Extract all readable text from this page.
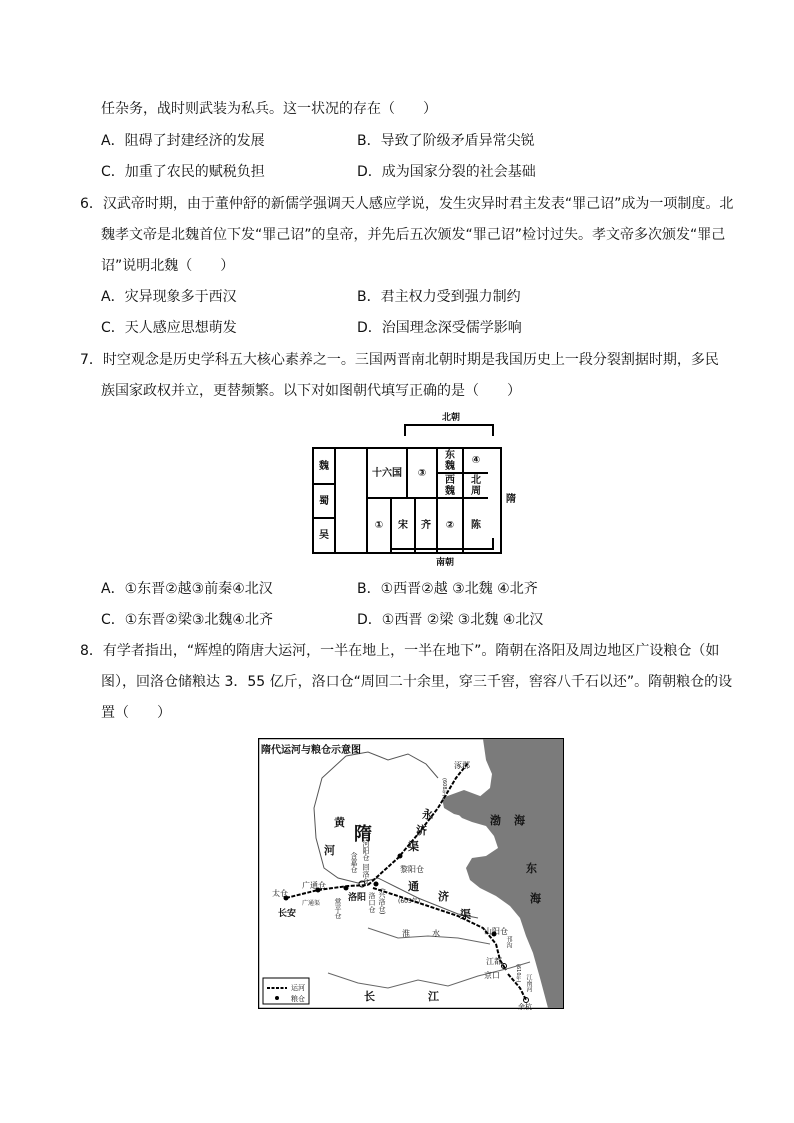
任杂务，战时则武装为私兵。这一状况的存在（　　）
A．阻碍了封建经济的发展	B．导致了阶级矛盾异常尖锐
C．加重了农民的赋税负担	D．成为国家分裂的社会基础
6．汉武帝时期，由于董仲舒的新儒学强调天人感应学说，发生灾异时君主发表“罪己诏”成为一项制度。北
魏孝文帝是北魏首位下发“罪己诏”的皇帝，并先后五次颁发“罪己诏”检讨过失。孝文帝多次颁发“罪己
诏”说明北魏（　　）
A．灾异现象多于西汉	B．君主权力受到强力制约
C．天人感应思想萌发	D．治国理念深受儒学影响
7．时空观念是历史学科五大核心素养之一。三国两晋南北朝时期是我国历史上一段分裂割据时期，多民
族国家政权并立，更替频繁。以下对如图朝代填写正确的是（　　）
北朝
魏
蜀
吴
十六国	③
东
魏	④
西
魏
北
周
①	宋	齐	②	陈
隋
南朝
A．①东晋②越③前秦④北汉	B．①西晋②越 ③北魏 ④北齐
C．①东晋②梁③北魏④北齐	D．①西晋 ②梁 ③北魏 ④北汉
8．有学者指出，“辉煌的隋唐大运河，一半在地上，一半在地下”。隋朝在洛阳及周边地区广设粮仓（如
图），回洛仓储粮达 3．55 亿斤，洛口仓“周回二十余里，穿三千窖，窖容八千石以还”。隋朝粮仓的设
置（　　）
隋代运河与粮仓示意图
隋
渤 海
东
海
黄
河
永
济
渠
通
济
渠
淮	水
长	江
涿郡
长安
洛阳
太仓
广通仓
广通渠 常平仓
含嘉仓 河阳仓 回洛仓	黎阳仓
洛口仓 (兴洛仓) (605年)
(608年)
山阳仓
江都
京口
余杭
邗沟
江南河
(610年)
运河
粮仓
